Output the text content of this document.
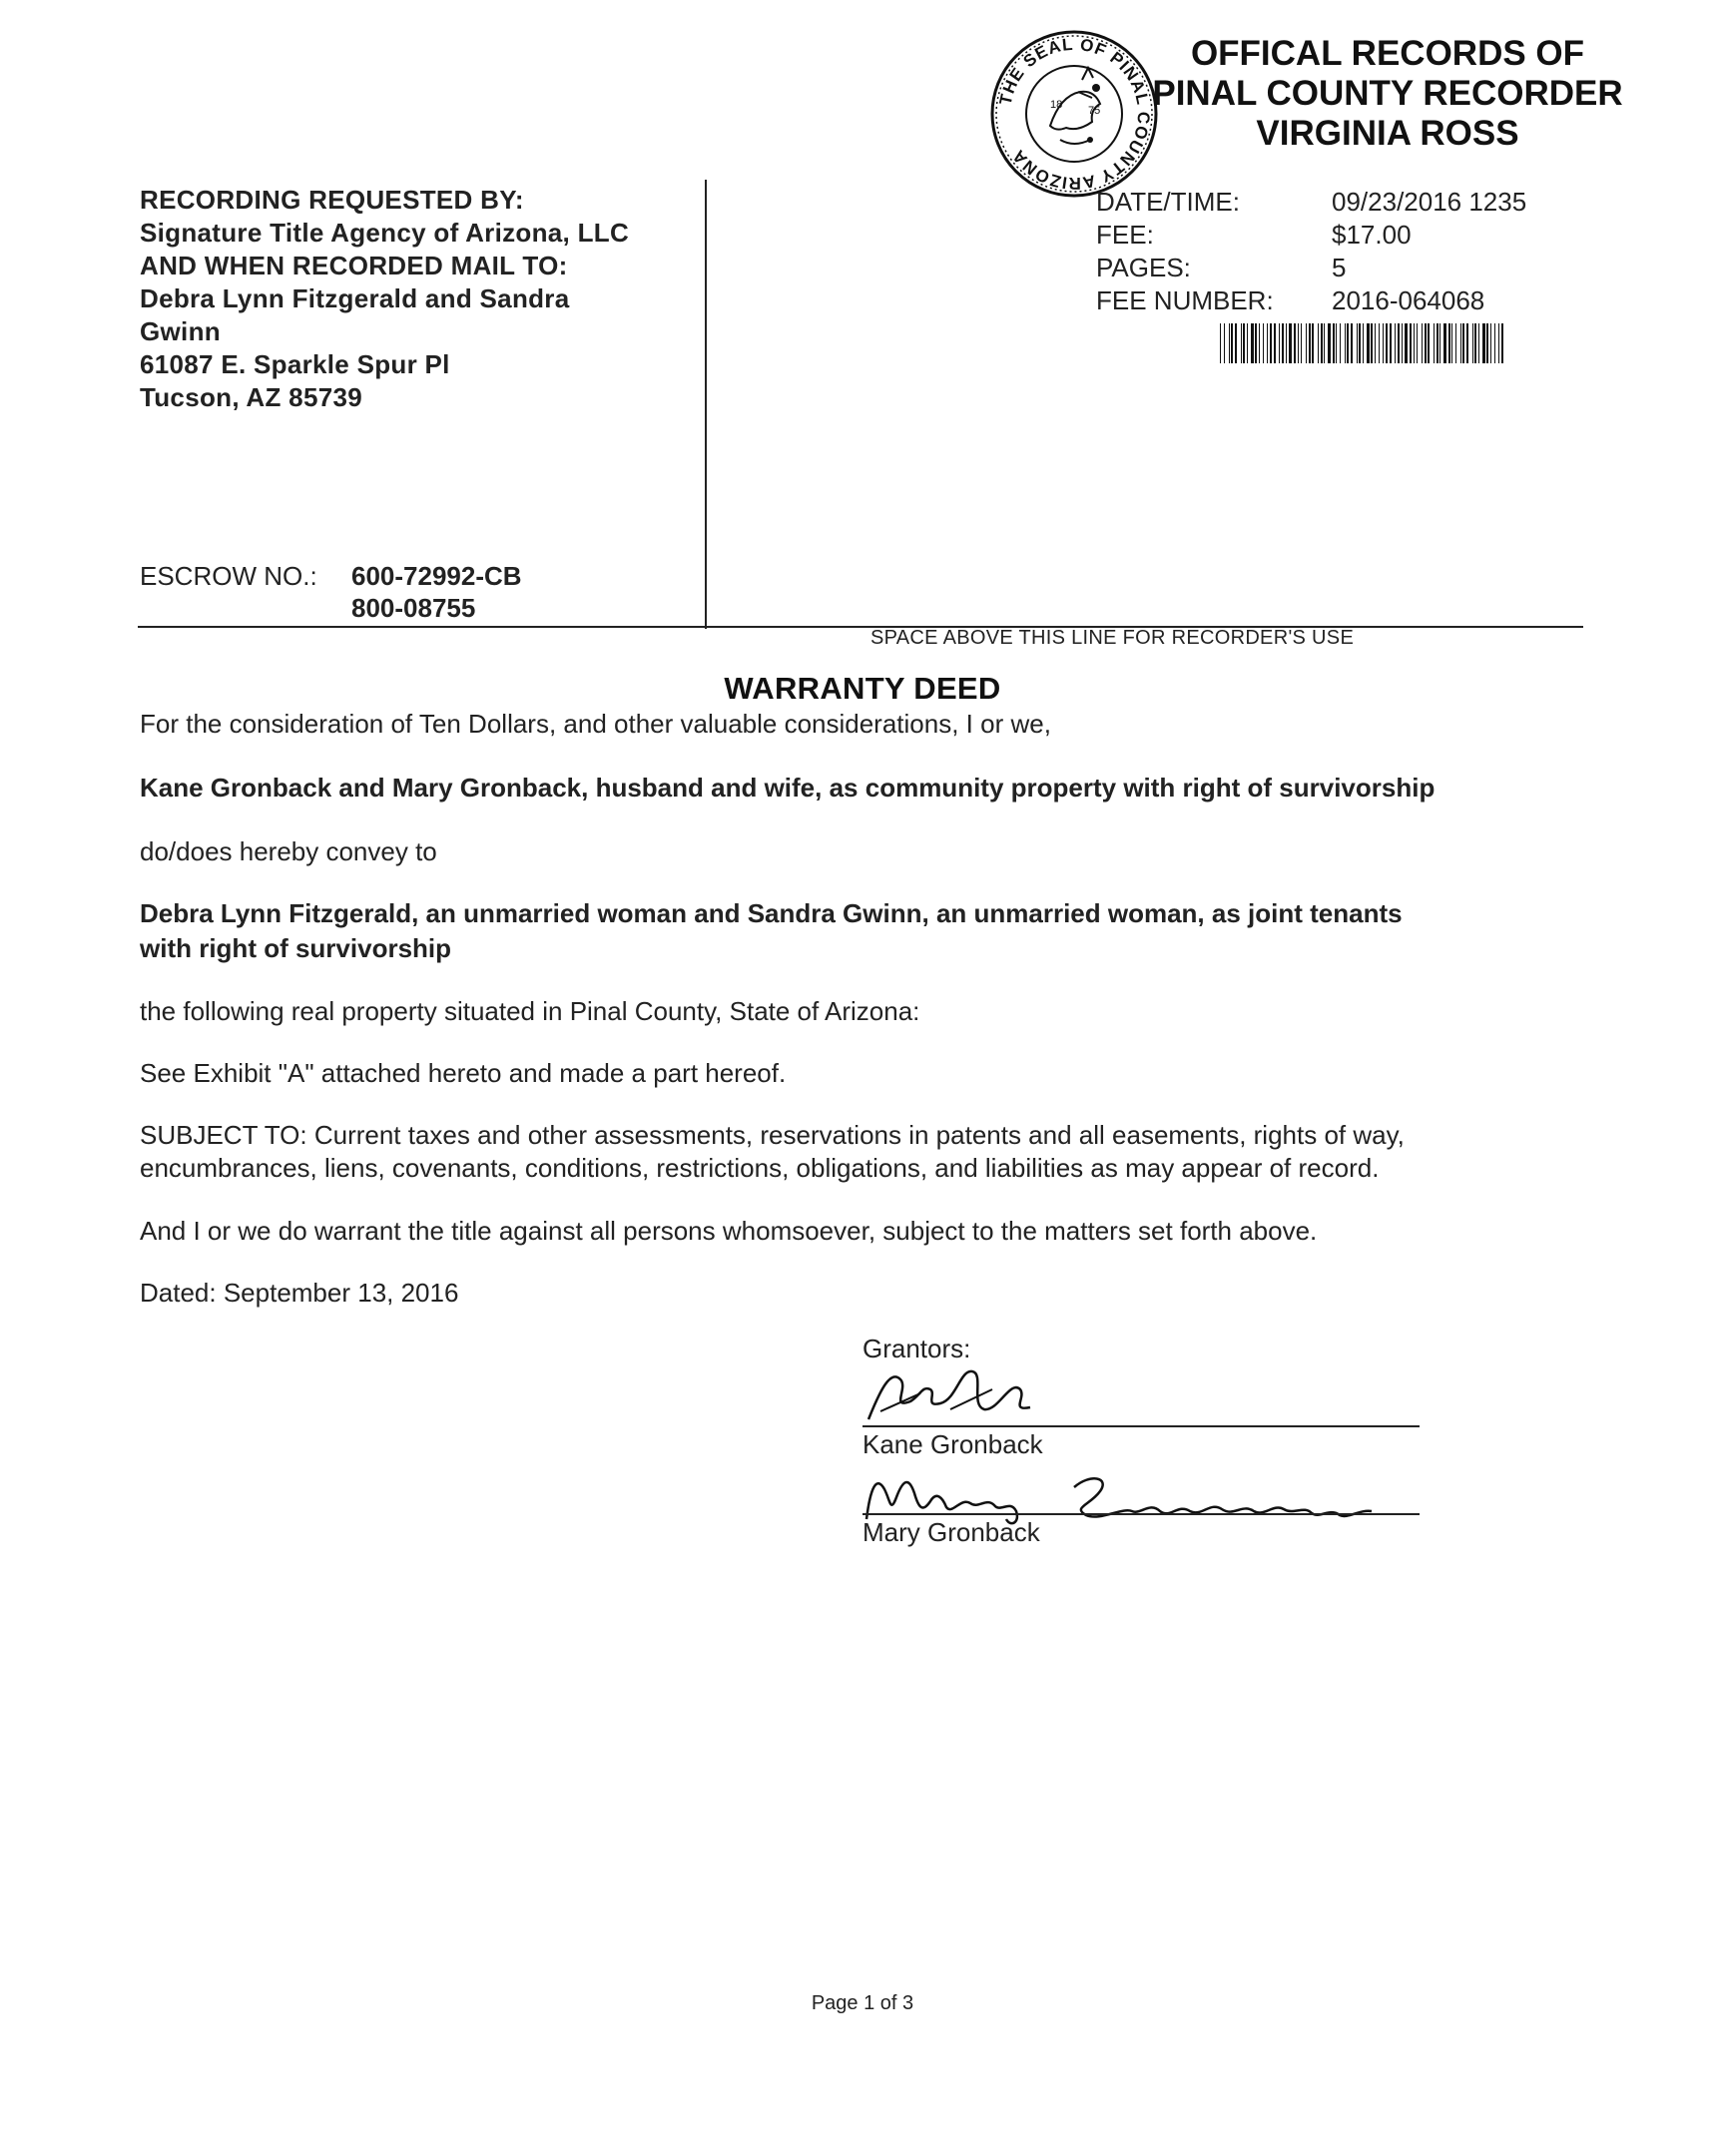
THE SEAL OF PINAL COUNTY ARIZONA
18 75
OFFICAL RECORDS OF
PINAL COUNTY RECORDER
VIRGINIA ROSS
RECORDING REQUESTED BY:
Signature Title Agency of Arizona, LLC
AND WHEN RECORDED MAIL TO:
Debra Lynn Fitzgerald and Sandra
Gwinn
61087 E. Sparkle Spur Pl
Tucson, AZ 85739
DATE/TIME:	09/23/2016 1235
FEE:	$17.00
PAGES:	5
FEE NUMBER: 2016-064068
ESCROW NO.: 600-72992-CB
800-08755
SPACE ABOVE THIS LINE FOR RECORDER'S USE
WARRANTY DEED
For the consideration of Ten Dollars, and other valuable considerations, I or we,
Kane Gronback and Mary Gronback, husband and wife, as community property with right of survivorship
do/does hereby convey to
Debra Lynn Fitzgerald, an unmarried woman and Sandra Gwinn, an unmarried woman, as joint tenants
with right of survivorship
the following real property situated in Pinal County, State of Arizona:
See Exhibit "A" attached hereto and made a part hereof.
SUBJECT TO: Current taxes and other assessments, reservations in patents and all easements, rights of way,
encumbrances, liens, covenants, conditions, restrictions, obligations, and liabilities as may appear of record.
And I or we do warrant the title against all persons whomsoever, subject to the matters set forth above.
Dated: September 13, 2016
Grantors:
Kane Gronback
Mary Gronback
Page 1 of 3
